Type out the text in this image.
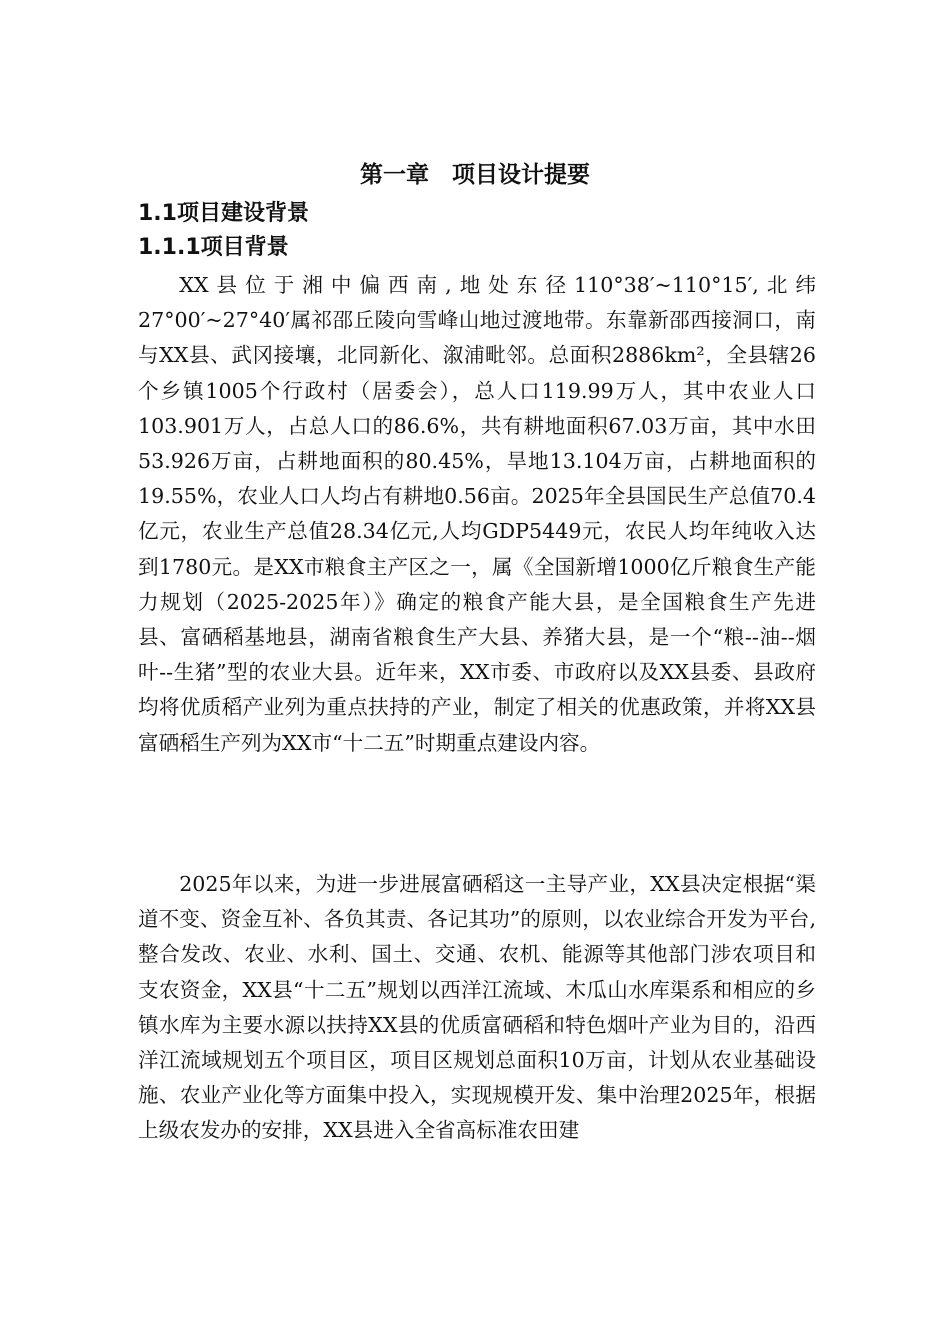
第一章　项目设计提要
1.1项目建设背景
1.1.1项目背景

XX县位于湘中偏西南,地处东径110°38′~110°15′,北纬27°00′~27°40′属祁邵丘陵向雪峰山地过渡地带。东靠新邵西接洞口，南与XX县、武冈接壤，北同新化、溆浦毗邻。总面积2886km²，全县辖26个乡镇1005个行政村（居委会），总人口119.99万人，其中农业人口103.901万人，占总人口的86.6%，共有耕地面积67.03万亩，其中水田53.926万亩，占耕地面积的80.45%，旱地13.104万亩，占耕地面积的19.55%，农业人口人均占有耕地0.56亩。2025年全县国民生产总值70.4亿元，农业生产总值28.34亿元,人均GDP5449元，农民人均年纯收入达到1780元。是XX市粮食主产区之一，属《全国新增1000亿斤粮食生产能力规划（2025-2025年）》确定的粮食产能大县，是全国粮食生产先进县、富硒稻基地县，湖南省粮食生产大县、养猪大县，是一个“粮--油--烟叶--生猪”型的农业大县。近年来，XX市委、市政府以及XX县委、县政府均将优质稻产业列为重点扶持的产业，制定了相关的优惠政策，并将XX县富硒稻生产列为XX市“十二五”时期重点建设内容。

2025年以来，为进一步进展富硒稻这一主导产业，XX县决定根据“渠道不变、资金互补、各负其责、各记其功”的原则，以农业综合开发为平台,整合发改、农业、水利、国土、交通、农机、能源等其他部门涉农项目和支农资金，XX县“十二五”规划以西洋江流域、木瓜山水库渠系和相应的乡镇水库为主要水源以扶持XX县的优质富硒稻和特色烟叶产业为目的，沿西洋江流域规划五个项目区，项目区规划总面积10万亩，计划从农业基础设施、农业产业化等方面集中投入，实现规模开发、集中治理2025年，根据上级农发办的安排，XX县进入全省高标准农田建
